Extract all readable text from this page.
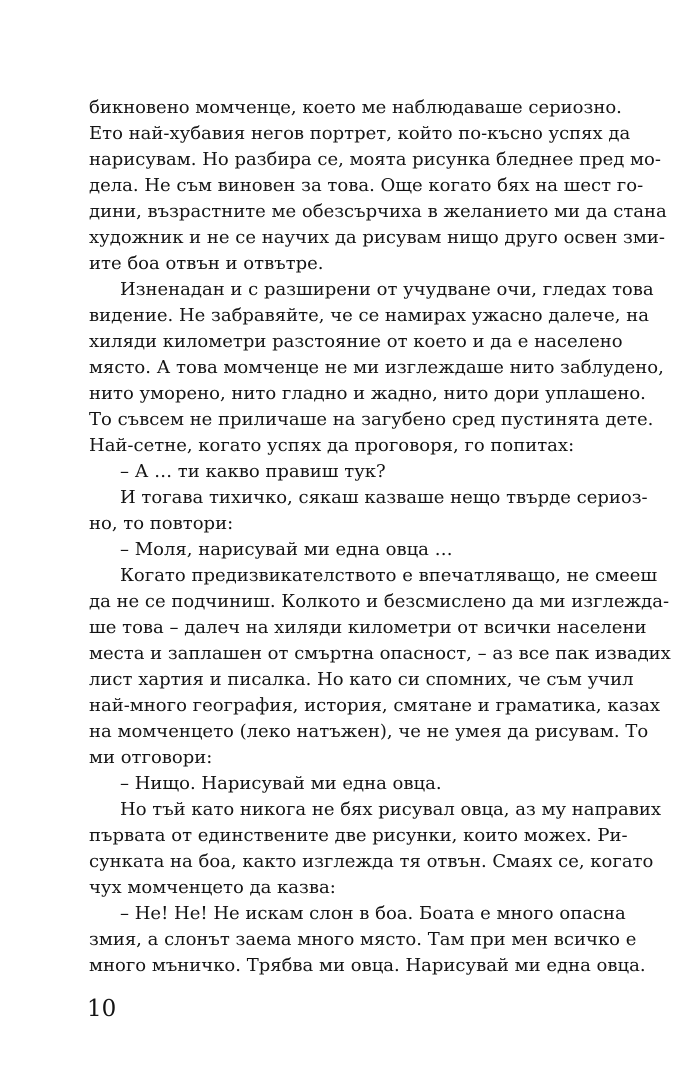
бикновено момченце, което ме наблюдаваше сериозно.
Ето най-хубавия негов портрет, който по-късно успях да
нарисувам. Но разбира се, моята рисунка бледнее пред мо-
дела. Не съм виновен за това. Още когато бях на шест го-
дини, възрастните ме обезсърчиха в желанието ми да стана
художник и не се научих да рисувам нищо друго освен зми-
ите боа отвън и отвътре.
Изненадан и с разширени от учудване очи, гледах това
видение. Не забравяйте, че се намирах ужасно далече, на
хиляди километри разстояние от което и да е населено
място. А това момченце не ми изглеждаше нито заблудено,
нито уморено, нито гладно и жадно, нито дори уплашено.
То съвсем не приличаше на загубено сред пустинята дете.
Най-сетне, когато успях да проговоря, го попитах:
– А … ти какво правиш тук?
И тогава тихичко, сякаш казваше нещо твърде сериоз-
но, то повтори:
– Моля, нарисувай ми една овца …
Когато предизвикателството е впечатляващо, не смееш
да не се подчиниш. Колкото и безсмислено да ми изглежда-
ше това – далеч на хиляди километри от всички населени
места и заплашен от смъртна опасност, – аз все пак извадих
лист хартия и писалка. Но като си спомних, че съм учил
най-много география, история, смятане и граматика, казах
на момченцето (леко натъжен), че не умея да рисувам. То
ми отговори:
– Нищо. Нарисувай ми една овца.
Но тъй като никога не бях рисувал овца, аз му направих
първата от единствените две рисунки, които можех. Ри-
сунката на боа, както изглежда тя отвън. Смаях се, когато
чух момченцето да казва:
– Не! Не! Не искам слон в боа. Боата е много опасна
змия, а слонът заема много място. Там при мен всичко е
много мъничко. Трябва ми овца. Нарисувай ми една овца.
10
